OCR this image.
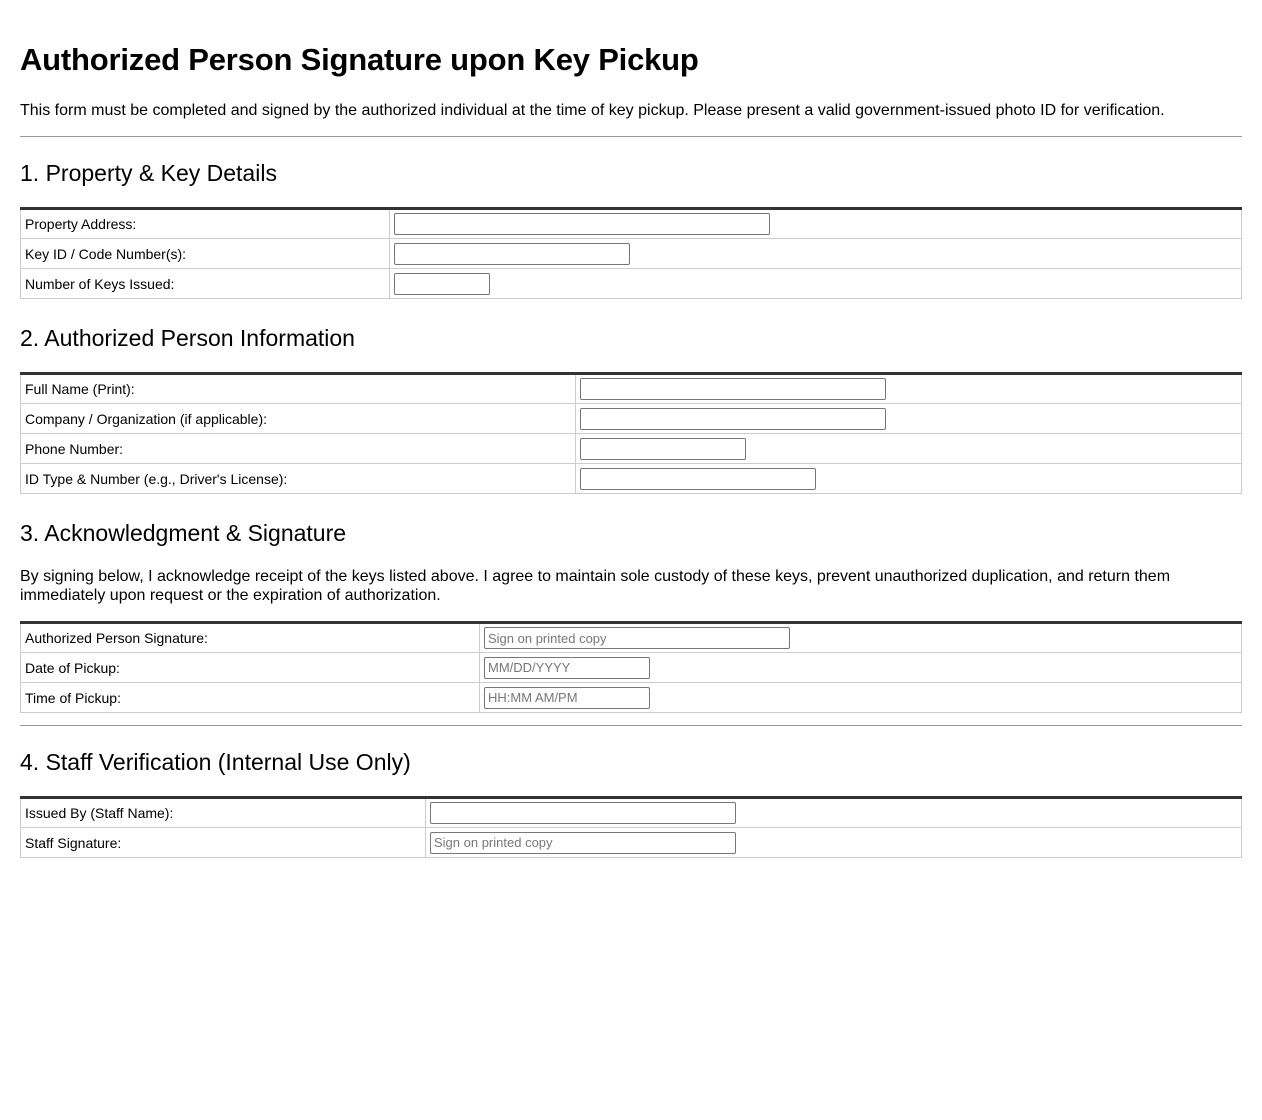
Authorized Person Signature upon Key Pickup

This form must be completed and signed by the authorized individual at the time of key pickup. Please present a valid government-issued photo ID for verification.

1. Property & Key Details
Property Address:	

Key ID / Code Number(s):	

Number of Keys Issued:	
2. Authorized Person Information
Full Name (Print):	

Company / Organization (if applicable):	

Phone Number:	

ID Type & Number (e.g., Driver's License):	
3. Acknowledgment & Signature

By signing below, I acknowledge receipt of the keys listed above. I agree to maintain sole custody of these keys, prevent unauthorized duplication, and return them immediately upon request or the expiration of authorization.

Authorized Person Signature:	
Sign on printed copy
Date of Pickup:	
MM/DD/YYYY
Time of Pickup:	
HH:MM AM/PM
4. Staff Verification (Internal Use Only)
Issued By (Staff Name):	

Staff Signature:	
Sign on printed copy
